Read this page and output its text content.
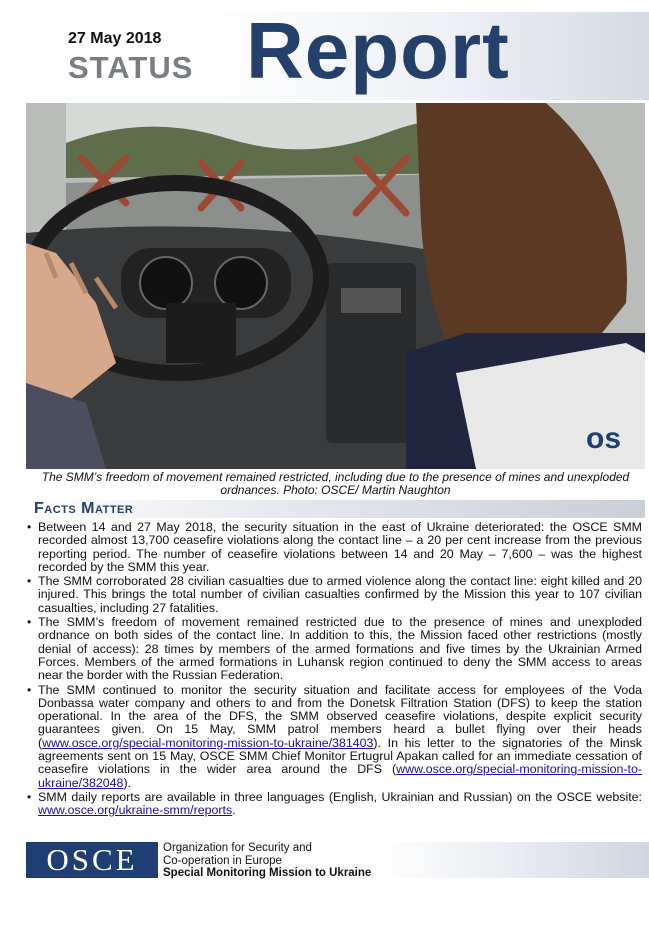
27 May 2018
STATUS Report
os
The SMM’s freedom of movement remained restricted, including due to the presence of mines and unexploded ordnances. Photo: OSCE/ Martin Naughton
Facts Matter
• Between 14 and 27 May 2018, the security situation in the east of Ukraine deteriorated: the OSCE SMM recorded almost 13,700 ceasefire violations along the contact line – a 20 per cent increase from the previous reporting period. The number of ceasefire violations between 14 and 20 May – 7,600 – was the highest recorded by the SMM this year.
• The SMM corroborated 28 civilian casualties due to armed violence along the contact line: eight killed and 20 injured. This brings the total number of civilian casualties confirmed by the Mission this year to 107 civilian casualties, including 27 fatalities.
• The SMM’s freedom of movement remained restricted due to the presence of mines and unexploded ordnance on both sides of the contact line. In addition to this, the Mission faced other restrictions (mostly denial of access): 28 times by members of the armed formations and five times by the Ukrainian Armed Forces. Members of the armed formations in Luhansk region continued to deny the SMM access to areas near the border with the Russian Federation.
• The SMM continued to monitor the security situation and facilitate access for employees of the Voda Donbassa water company and others to and from the Donetsk Filtration Station (DFS) to keep the station operational. In the area of the DFS, the SMM observed ceasefire violations, despite explicit security guarantees given. On 15 May, SMM patrol members heard a bullet flying over their heads (www.osce.org/special-monitoring-mission-to-ukraine/381403). In his letter to the signatories of the Minsk agreements sent on 15 May, OSCE SMM Chief Monitor Ertugrul Apakan called for an immediate cessation of ceasefire violations in the wider area around the DFS (www.osce.org/special-monitoring-mission-to-ukraine/382048).
• SMM daily reports are available in three languages (English, Ukrainian and Russian) on the OSCE website: www.osce.org/ukraine-smm/reports.
OSCE Organization for Security and
Co-operation in Europe
Special Monitoring Mission to Ukraine
